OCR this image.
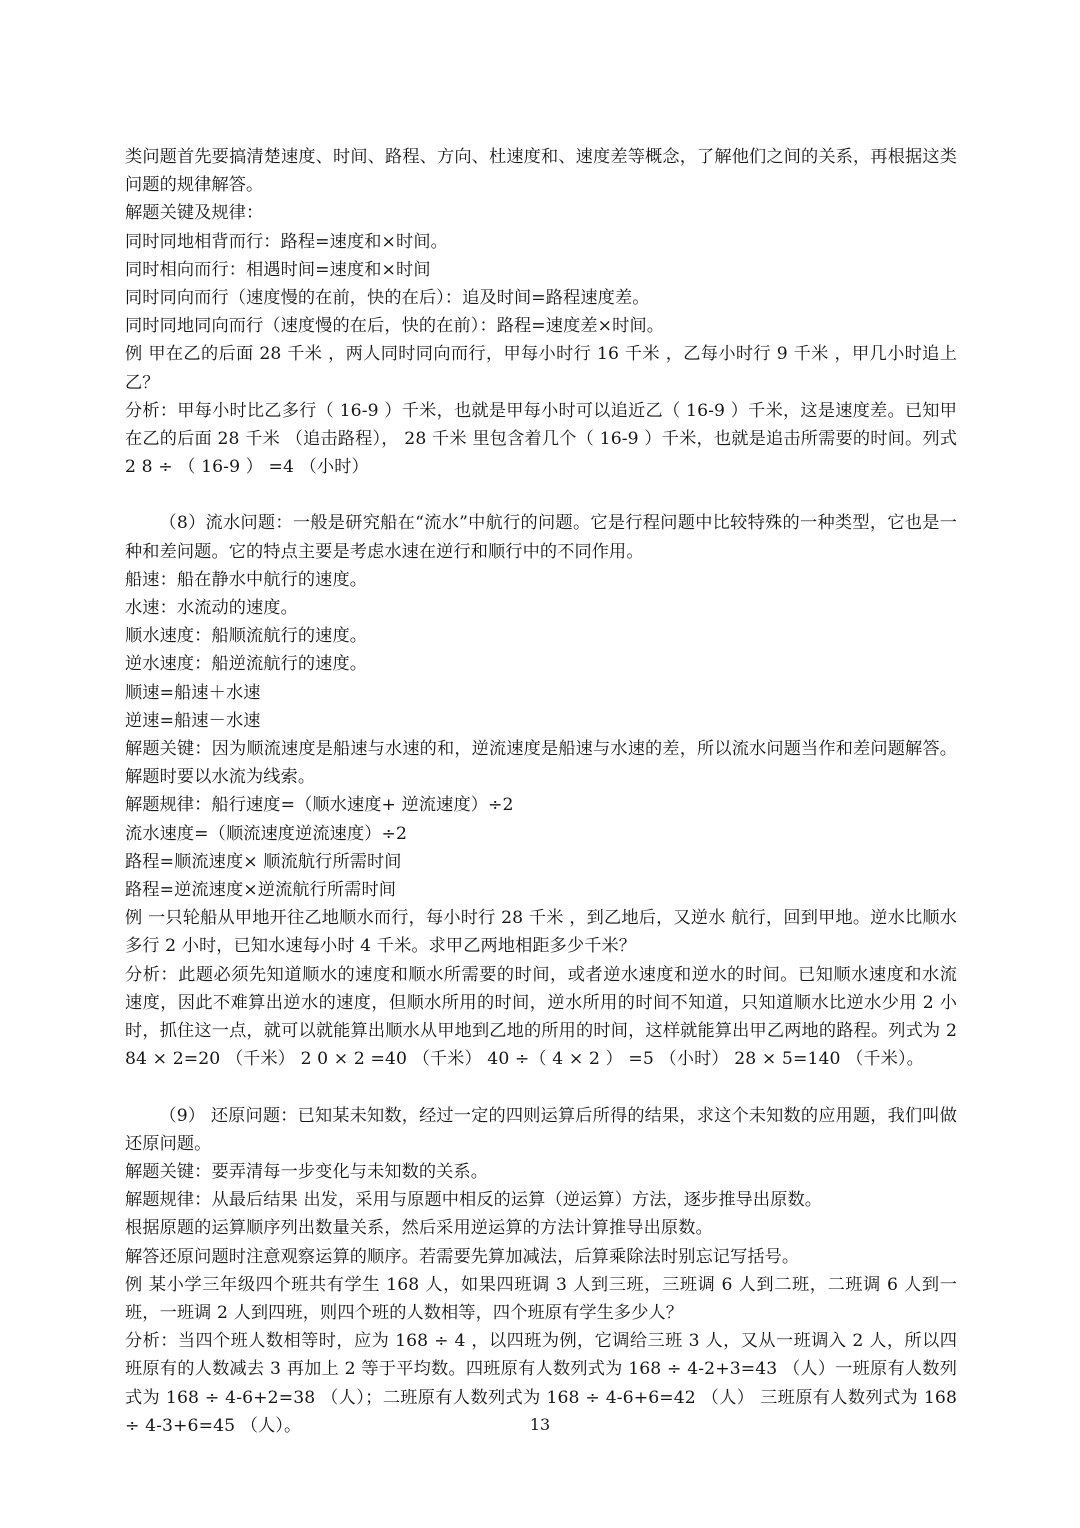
类问题首先要搞清楚速度、时间、路程、方向、杜速度和、速度差等概念，了解他们之间的关系，再根据这类问题的规律解答。

解题关键及规律：

同时同地相背而行：路程=速度和×时间。

同时相向而行：相遇时间=速度和×时间

同时同向而行（速度慢的在前，快的在后）：追及时间=路程速度差。

同时同地同向而行（速度慢的在后，快的在前）：路程=速度差×时间。

例 甲在乙的后面 28 千米 ，两人同时同向而行，甲每小时行 16 千米 ，乙每小时行 9 千米 ，甲几小时追上乙？

分析：甲每小时比乙多行（ 16-9 ）千米，也就是甲每小时可以追近乙（ 16-9 ）千米，这是速度差。已知甲在乙的后面 28 千米 （追击路程）， 28 千米 里包含着几个（ 16-9 ）千米，也就是追击所需要的时间。列式 2 8 ÷ （ 16-9 ） =4 （小时）

（8）流水问题：一般是研究船在“流水”中航行的问题。它是行程问题中比较特殊的一种类型，它也是一种和差问题。它的特点主要是考虑水速在逆行和顺行中的不同作用。

船速：船在静水中航行的速度。

水速：水流动的速度。

顺水速度：船顺流航行的速度。

逆水速度：船逆流航行的速度。

顺速=船速＋水速

逆速=船速－水速

解题关键：因为顺流速度是船速与水速的和，逆流速度是船速与水速的差，所以流水问题当作和差问题解答。 解题时要以水流为线索。

解题规律：船行速度=（顺水速度+ 逆流速度）÷2

流水速度=（顺流速度逆流速度）÷2

路程=顺流速度× 顺流航行所需时间

路程=逆流速度×逆流航行所需时间

例 一只轮船从甲地开往乙地顺水而行，每小时行 28 千米 ，到乙地后，又逆水 航行，回到甲地。逆水比顺水多行 2 小时，已知水速每小时 4 千米。求甲乙两地相距多少千米？

分析：此题必须先知道顺水的速度和顺水所需要的时间，或者逆水速度和逆水的时间。已知顺水速度和水流 速度，因此不难算出逆水的速度，但顺水所用的时间，逆水所用的时间不知道，只知道顺水比逆水少用 2 小时，抓住这一点，就可以就能算出顺水从甲地到乙地的所用的时间，这样就能算出甲乙两地的路程。列式为 284 × 2=20 （千米） 2 0 × 2 =40 （千米） 40 ÷（ 4 × 2 ） =5 （小时） 28 × 5=140 （千米）。

（9） 还原问题：已知某未知数，经过一定的四则运算后所得的结果，求这个未知数的应用题，我们叫做还原问题。

解题关键：要弄清每一步变化与未知数的关系。

解题规律：从最后结果 出发，采用与原题中相反的运算（逆运算）方法，逐步推导出原数。

根据原题的运算顺序列出数量关系，然后采用逆运算的方法计算推导出原数。

解答还原问题时注意观察运算的顺序。若需要先算加减法，后算乘除法时别忘记写括号。

例 某小学三年级四个班共有学生 168 人，如果四班调 3 人到三班，三班调 6 人到二班，二班调 6 人到一班，一班调 2 人到四班，则四个班的人数相等，四个班原有学生多少人？

分析：当四个班人数相等时，应为 168 ÷ 4 ，以四班为例，它调给三班 3 人，又从一班调入 2 人，所以四班原有的人数减去 3 再加上 2 等于平均数。四班原有人数列式为 168 ÷ 4-2+3=43 （人）一班原有人数列式为 168 ÷ 4-6+2=38 （人）；二班原有人数列式为 168 ÷ 4-6+6=42 （人） 三班原有人数列式为 168 ÷ 4-3+6=45 （人）。	13
